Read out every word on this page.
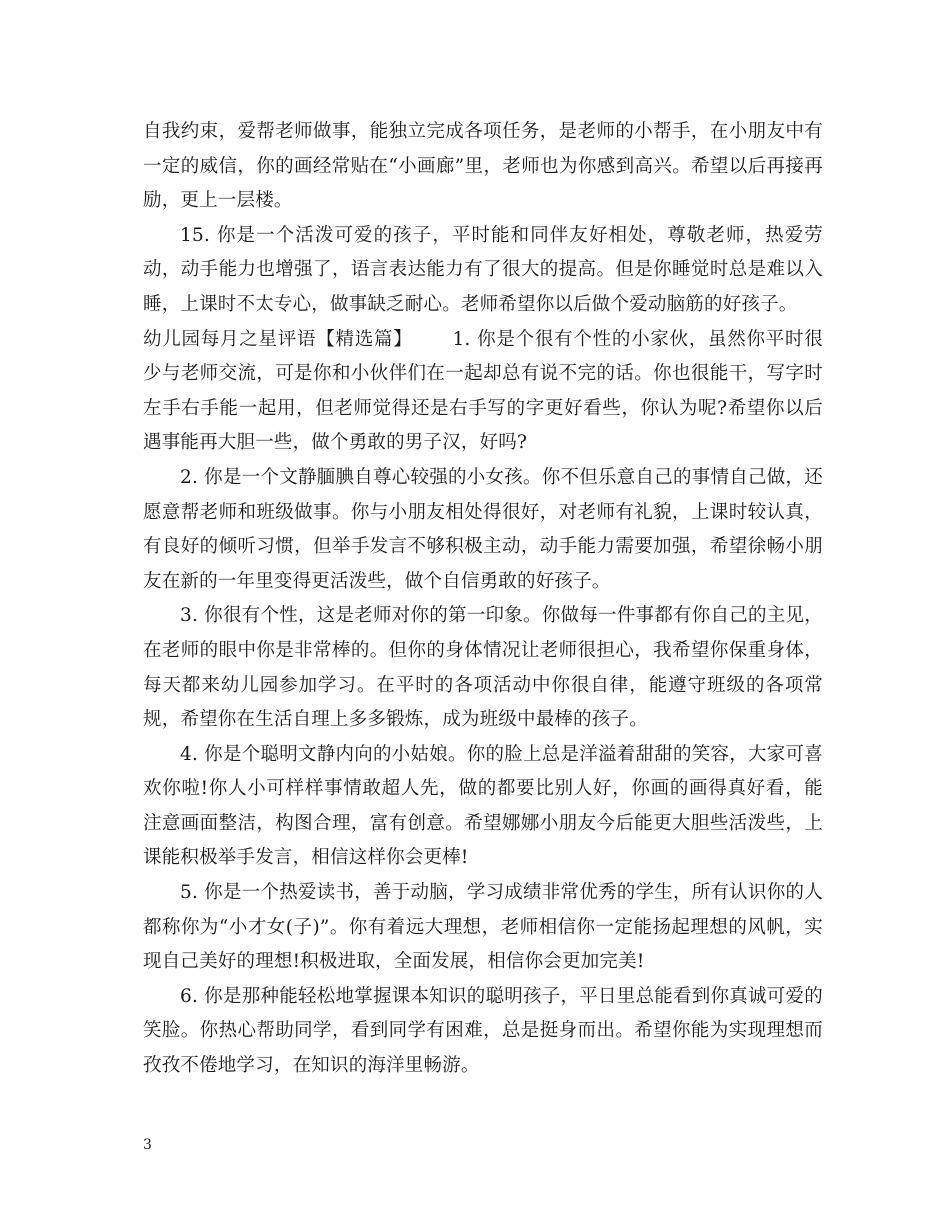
自我约束，爱帮老师做事，能独立完成各项任务，是老师的小帮手，在小朋友中有一定的威信，你的画经常贴在“小画廊”里，老师也为你感到高兴。希望以后再接再励，更上一层楼。

15. 你是一个活泼可爱的孩子，平时能和同伴友好相处，尊敬老师，热爱劳动，动手能力也增强了，语言表达能力有了很大的提高。但是你睡觉时总是难以入睡，上课时不太专心，做事缺乏耐心。老师希望你以后做个爱动脑筋的好孩子。

幼儿园每月之星评语【精选篇】 1. 你是个很有个性的小家伙，虽然你平时很少与老师交流，可是你和小伙伴们在一起却总有说不完的话。你也很能干，写字时左手右手能一起用，但老师觉得还是右手写的字更好看些，你认为呢?希望你以后遇事能再大胆一些，做个勇敢的男子汉，好吗?

2. 你是一个文静腼腆自尊心较强的小女孩。你不但乐意自己的事情自己做，还愿意帮老师和班级做事。你与小朋友相处得很好，对老师有礼貌，上课时较认真，有良好的倾听习惯，但举手发言不够积极主动，动手能力需要加强，希望徐畅小朋友在新的一年里变得更活泼些，做个自信勇敢的好孩子。

3. 你很有个性，这是老师对你的第一印象。你做每一件事都有你自己的主见，在老师的眼中你是非常棒的。但你的身体情况让老师很担心，我希望你保重身体，每天都来幼儿园参加学习。在平时的各项活动中你很自律，能遵守班级的各项常规，希望你在生活自理上多多锻炼，成为班级中最棒的孩子。

4. 你是个聪明文静内向的小姑娘。你的脸上总是洋溢着甜甜的笑容，大家可喜欢你啦!你人小可样样事情敢超人先，做的都要比别人好，你画的画得真好看，能注意画面整洁，构图合理，富有创意。希望娜娜小朋友今后能更大胆些活泼些，上课能积极举手发言，相信这样你会更棒!

5. 你是一个热爱读书，善于动脑，学习成绩非常优秀的学生，所有认识你的人都称你为“小才女(子)”。你有着远大理想，老师相信你一定能扬起理想的风帆，实现自己美好的理想!积极进取，全面发展，相信你会更加完美!

6. 你是那种能轻松地掌握课本知识的聪明孩子，平日里总能看到你真诚可爱的笑脸。你热心帮助同学，看到同学有困难，总是挺身而出。希望你能为实现理想而孜孜不倦地学习，在知识的海洋里畅游。

3
